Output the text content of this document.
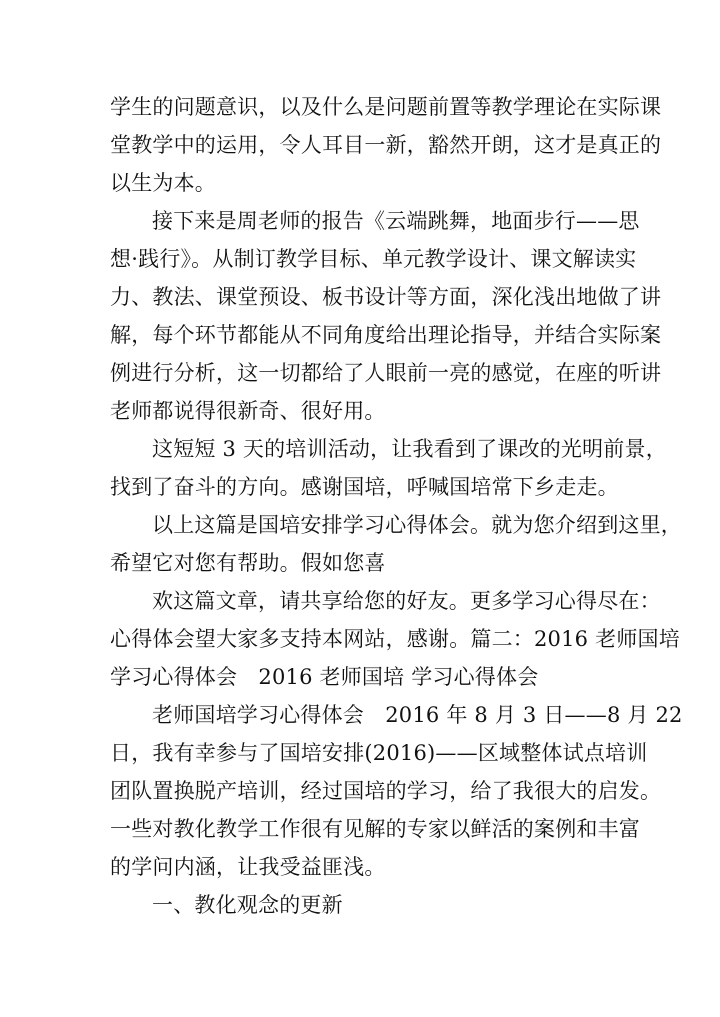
学生的问题意识，以及什么是问题前置等教学理论在实际课
堂教学中的运用，令人耳目一新，豁然开朗，这才是真正的
以生为本。
接下来是周老师的报告《云端跳舞，地面步行——思
想·践行》。从制订教学目标、单元教学设计、课文解读实
力、教法、课堂预设、板书设计等方面，深化浅出地做了讲
解，每个环节都能从不同角度给出理论指导，并结合实际案
例进行分析，这一切都给了人眼前一亮的感觉，在座的听讲
老师都说得很新奇、很好用。
这短短 3 天的培训活动，让我看到了课改的光明前景，
找到了奋斗的方向。感谢国培，呼喊国培常下乡走走。
以上这篇是国培安排学习心得体会。就为您介绍到这里，
希望它对您有帮助。假如您喜
欢这篇文章，请共享给您的好友。更多学习心得尽在：
心得体会望大家多支持本网站，感谢。篇二：2016 老师国培
学习心得体会　2016 老师国培 学习心得体会
老师国培学习心得体会　2016 年 8 月 3 日——8 月 22
日，我有幸参与了国培安排(2016)——区域整体试点培训
团队置换脱产培训，经过国培的学习，给了我很大的启发。
一些对教化教学工作很有见解的专家以鲜活的案例和丰富
的学问内涵，让我受益匪浅。
一、教化观念的更新
